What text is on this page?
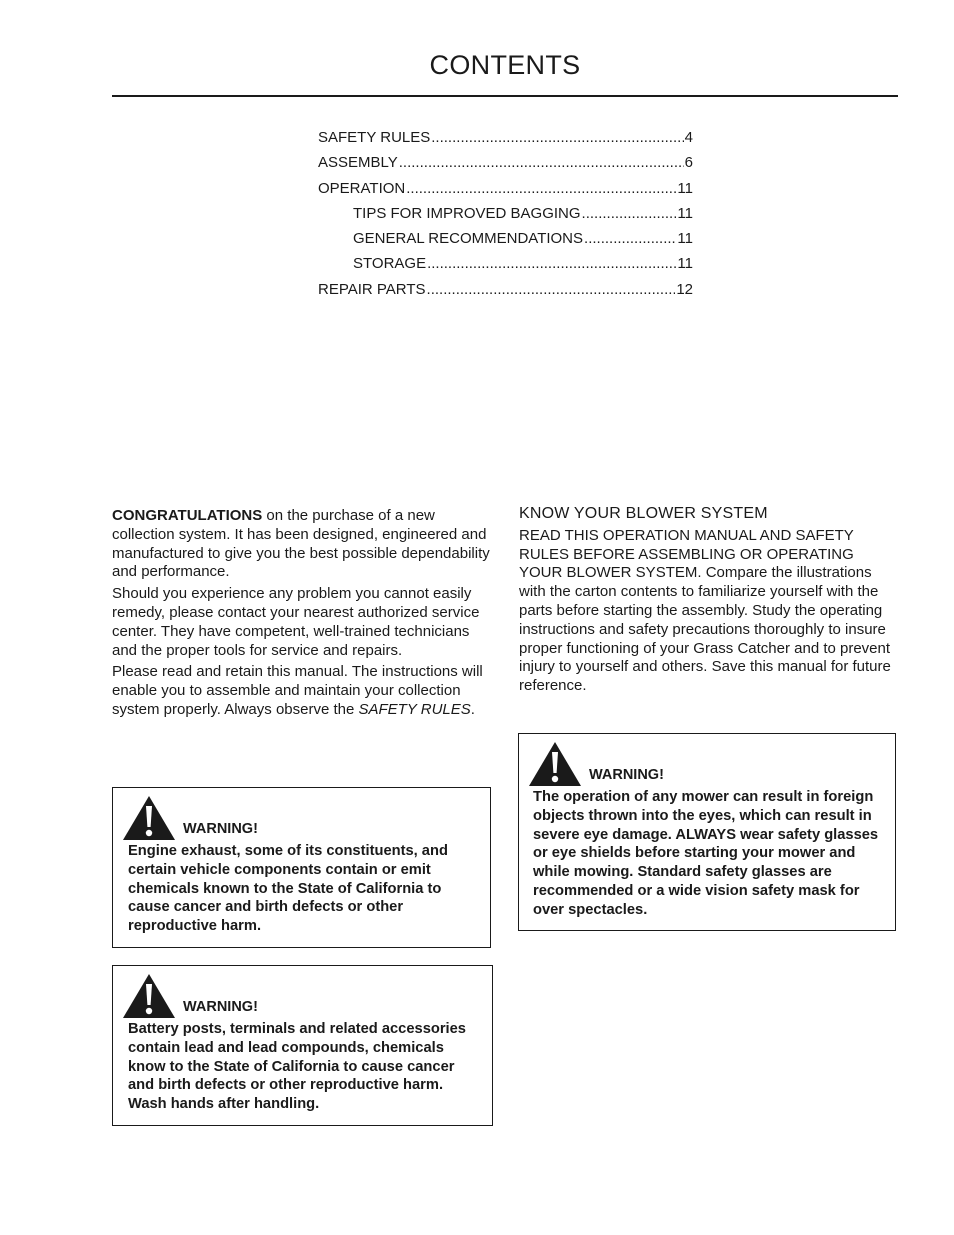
CONTENTS
SAFETY RULES .....	4
ASSEMBLY .....	6
OPERATION .....	11
TIPS FOR IMPROVED BAGGING .....	11
GENERAL RECOMMENDATIONS .....	11
STORAGE .....	11
REPAIR PARTS .....	12

CONGRATULATIONS on the purchase of a new collection system. It has been designed, engineered and manufactured to give you the best possible dependability and performance.

Should you experience any problem you cannot easily remedy, please contact your nearest authorized service center. They have competent, well-trained technicians and the proper tools for service and repairs.

Please read and retain this manual. The instructions will enable you to assemble and maintain your collection system properly. Always observe the SAFETY RULES.

KNOW YOUR BLOWER SYSTEM

READ THIS OPERATION MANUAL AND SAFETY RULES BEFORE ASSEMBLING OR OPERATING YOUR BLOWER SYSTEM. Compare the illustrations with the carton contents to familiarize yourself with the parts before starting the assembly. Study the operating instructions and safety precautions thoroughly to insure proper functioning of your Grass Catcher and to prevent injury to yourself and others. Save this manual for future reference.

WARNING!
Engine exhaust, some of its constituents, and certain vehicle components contain or emit chemicals known to the State of California to cause cancer and birth defects or other reproductive harm.
WARNING!
Battery posts, terminals and related accessories contain lead and lead compounds, chemicals know to the State of California to cause cancer and birth defects or other reproductive harm. Wash hands after handling.
WARNING!
The operation of any mower can result in foreign objects thrown into the eyes, which can result in severe eye damage. ALWAYS wear safety glasses or eye shields before starting your mower and while mowing. Standard safety glasses are recommended or a wide vision safety mask for over spectacles.
